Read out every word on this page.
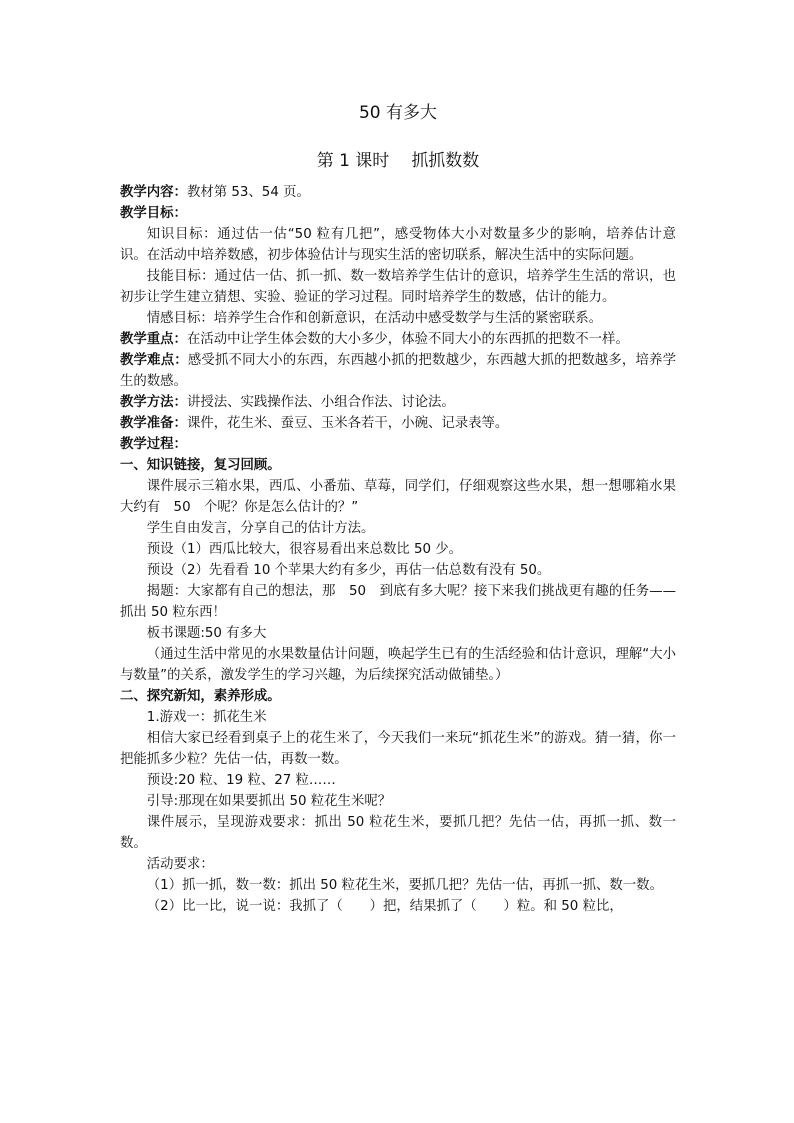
50 有多大
第 1 课时 抓抓数数

教学内容：教材第 53、54 页。

教学目标：

知识目标：通过估一估“50 粒有几把”，感受物体大小对数量多少的影响，培养估计意识。在活动中培养数感，初步体验估计与现实生活的密切联系，解决生活中的实际问题。

技能目标：通过估一估、抓一抓、数一数培养学生估计的意识，培养学生生活的常识，也初步让学生建立猜想、实验、验证的学习过程。同时培养学生的数感，估计的能力。

情感目标：培养学生合作和创新意识，在活动中感受数学与生活的紧密联系。

教学重点：在活动中让学生体会数的大小多少，体验不同大小的东西抓的把数不一样。

教学难点：感受抓不同大小的东西，东西越小抓的把数越少，东西越大抓的把数越多，培养学生的数感。

教学方法：讲授法、实践操作法、小组合作法、讨论法。

教学准备：课件，花生米、蚕豆、玉米各若干，小碗、记录表等。

教学过程：

一、知识链接，复习回顾。

课件展示三箱水果，西瓜、小番茄、草莓，同学们，仔细观察这些水果，想一想哪箱水果大约有　50　个呢？你是怎么估计的？”

学生自由发言，分享自己的估计方法。

预设（1）西瓜比较大，很容易看出来总数比 50 少。

预设（2）先看看 10 个苹果大约有多少，再估一估总数有没有 50。

揭题：大家都有自己的想法，那　50　到底有多大呢？接下来我们挑战更有趣的任务——抓出 50 粒东西！

板书课题:50 有多大

（通过生活中常见的水果数量估计问题，唤起学生已有的生活经验和估计意识，理解“大小与数量”的关系，激发学生的学习兴趣，为后续探究活动做铺垫。）

二、探究新知，素养形成。

1.游戏一：抓花生米

相信大家已经看到桌子上的花生米了，今天我们一来玩“抓花生米”的游戏。猜一猜，你一把能抓多少粒？先估一估，再数一数。

预设:20 粒、19 粒、27 粒……

引导:那现在如果要抓出 50 粒花生米呢？

课件展示，呈现游戏要求：抓出 50 粒花生米，要抓几把？先估一估，再抓一抓、数一数。

活动要求：

（1）抓一抓，数一数：抓出 50 粒花生米，要抓几把？先估一估，再抓一抓、数一数。

（2）比一比，说一说：我抓了（　　）把，结果抓了（　　）粒。和 50 粒比，
